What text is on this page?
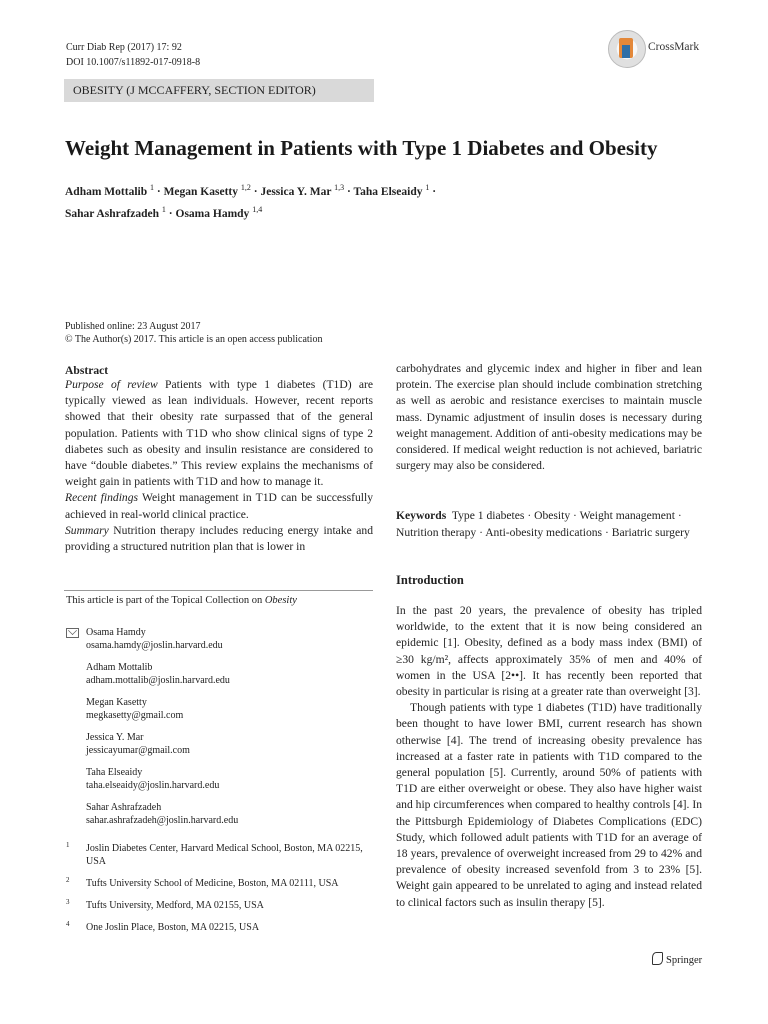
Curr Diab Rep (2017) 17: 92
DOI 10.1007/s11892-017-0918-8
CrossMark
OBESITY (J MCCAFFERY, SECTION EDITOR)
Weight Management in Patients with Type 1 Diabetes and Obesity
Adham Mottalib $^1$ · Megan Kasetty $^{1,2}$ · Jessica Y. Mar $^{1,3}$ · Taha Elseaidy $^1$ ·
Sahar Ashrafzadeh $^1$ · Osama Hamdy $^{1,4}$
Published online: 23 August 2017
© The Author(s) 2017. This article is an open access publication
Abstract
Purpose of review Patients with type 1 diabetes (T1D) are typically viewed as lean individuals. However, recent reports showed that their obesity rate surpassed that of the general population. Patients with T1D who show clinical signs of type 2 diabetes such as obesity and insulin resistance are considered to have “double diabetes.” This review explains the mechanisms of weight gain in patients with T1D and how to manage it.
Recent findings Weight management in T1D can be successfully achieved in real-world clinical practice.
Summary Nutrition therapy includes reducing energy intake and providing a structured nutrition plan that is lower in
carbohydrates and glycemic index and higher in fiber and lean protein. The exercise plan should include combination stretching as well as aerobic and resistance exercises to maintain muscle mass. Dynamic adjustment of insulin doses is necessary during weight management. Addition of anti-obesity medications may be considered. If medical weight reduction is not achieved, bariatric surgery may also be considered.
Keywords Type 1 diabetes · Obesity · Weight management · Nutrition therapy · Anti-obesity medications · Bariatric surgery
This article is part of the Topical Collection on Obesity
Osama Hamdy
osama.hamdy@joslin.harvard.edu
Adham Mottalib
adham.mottalib@joslin.harvard.edu
Megan Kasetty
megkasetty@gmail.com
Jessica Y. Mar
jessicayumar@gmail.com
Taha Elseaidy
taha.elseaidy@joslin.harvard.edu
Sahar Ashrafzadeh
sahar.ashrafzadeh@joslin.harvard.edu
1 Joslin Diabetes Center, Harvard Medical School, Boston, MA 02215, USA
2 Tufts University School of Medicine, Boston, MA 02111, USA
3 Tufts University, Medford, MA 02155, USA
4 One Joslin Place, Boston, MA 02215, USA
Introduction

In the past 20 years, the prevalence of obesity has tripled worldwide, to the extent that it is now being considered an epidemic [1]. Obesity, defined as a body mass index (BMI) of ≥30 kg/m², affects approximately 35% of men and 40% of women in the USA [2••]. It has recently been reported that obesity in particular is rising at a greater rate than overweight [3].

Though patients with type 1 diabetes (T1D) have traditionally been thought to have lower BMI, current research has shown otherwise [4]. The trend of increasing obesity prevalence has increased at a faster rate in patients with T1D compared to the general population [5]. Currently, around 50% of patients with T1D are either overweight or obese. They also have higher waist and hip circumferences when compared to healthy controls [4]. In the Pittsburgh Epidemiology of Diabetes Complications (EDC) Study, which followed adult patients with T1D for an average of 18 years, prevalence of overweight increased from 29 to 42% and prevalence of obesity increased sevenfold from 3 to 23% [5]. Weight gain appeared to be unrelated to aging and instead related to clinical factors such as insulin therapy [5].

Springer
